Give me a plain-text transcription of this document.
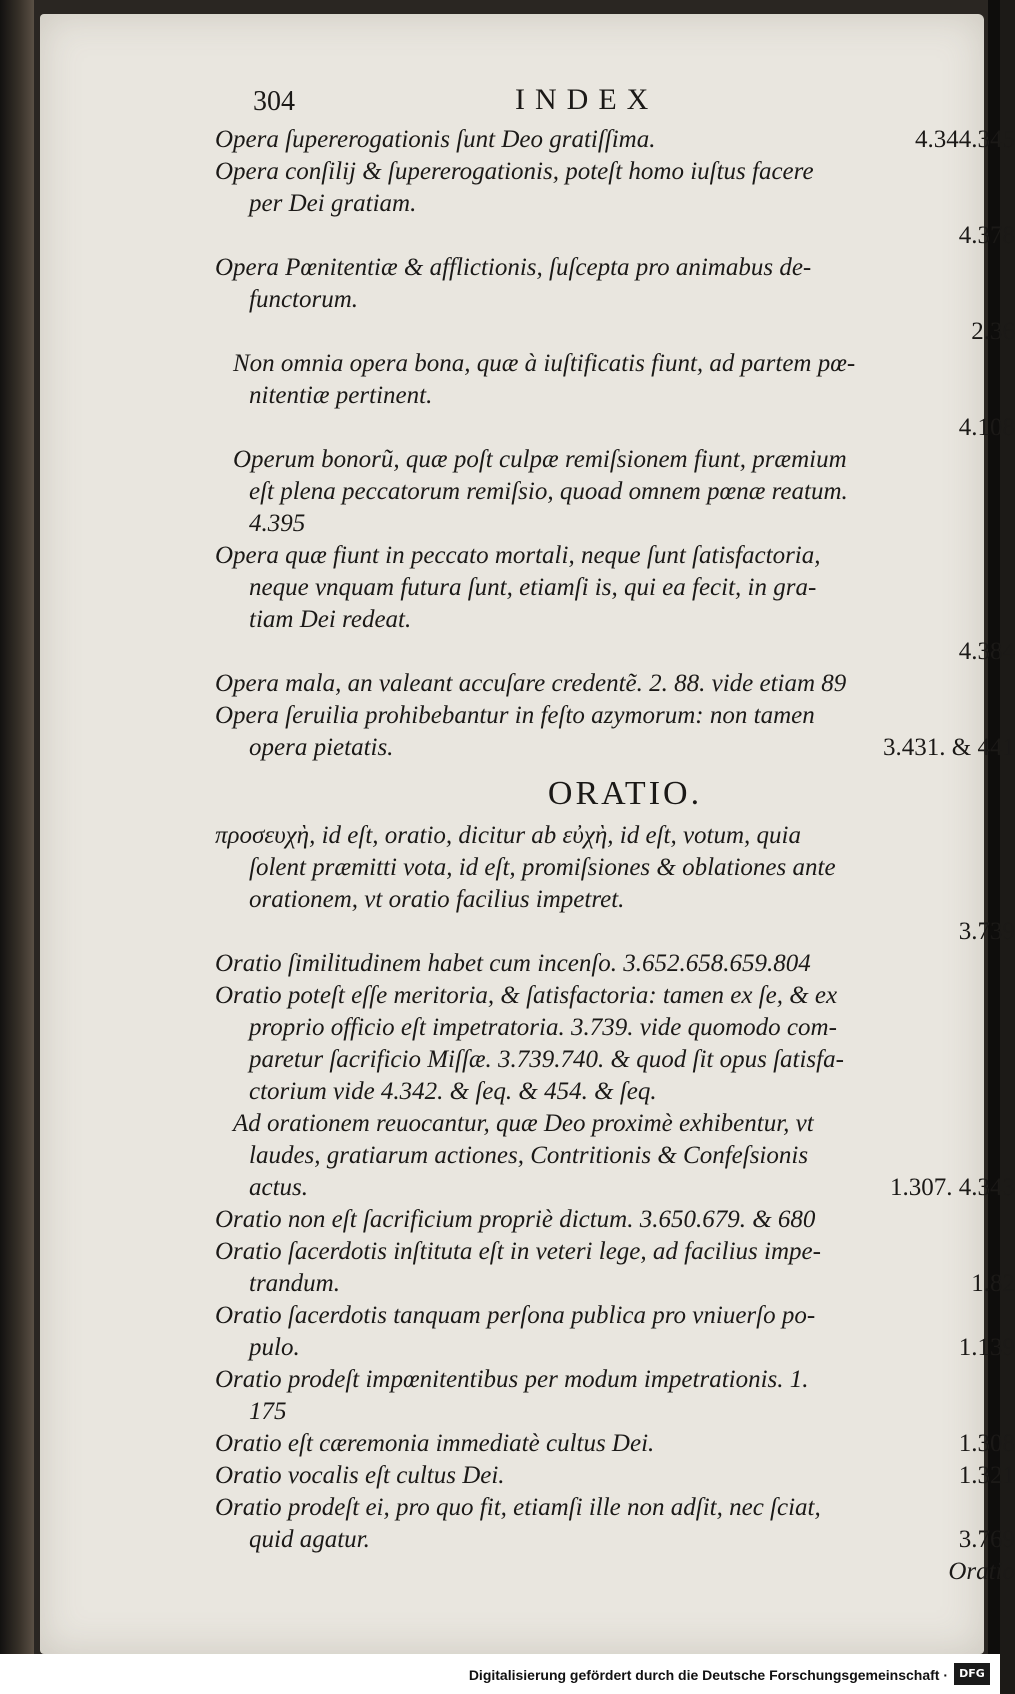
304	INDEX
Opera ſupererogationis ſunt Deo gratiſſima.	4.344.345
Opera conſilij & ſupererogationis, poteſt homo iuſtus facere
per Dei gratiam.
4.378
Opera Pœnitentiæ & afflictionis, ſuſcepta pro animabus de-
functorum.
2.36
Non omnia opera bona, quæ à iuſtificatis fiunt, ad partem pœ-
nitentiæ pertinent.
4.108
Operum bonorũ, quæ poſt culpæ remiſsionem fiunt, præmium
eſt plena peccatorum remiſsio, quoad omnem pœnæ reatum.
4.395
Opera quæ fiunt in peccato mortali, neque ſunt ſatisfactoria,
neque vnquam futura ſunt, etiamſi is, qui ea fecit, in gra-
tiam Dei redeat.
4.384
Opera mala, an valeant accuſare credentẽ. 2. 88. vide etiam 89
Opera ſeruilia prohibebantur in feſto azymorum: non tamen
opera pietatis.	3.431. & 441
ORATIO.
προσευχὴ, id eſt, oratio, dicitur ab εὐχὴ, id eſt, votum, quia
ſolent præmitti vota, id eſt, promiſsiones & oblationes ante
orationem, vt oratio facilius impetret.
3.739
Oratio ſimilitudinem habet cum incenſo. 3.652.658.659.804
Oratio poteſt eſſe meritoria, & ſatisfactoria: tamen ex ſe, & ex
proprio officio eſt impetratoria. 3.739. vide quomodo com-
paretur ſacrificio Miſſæ. 3.739.740. & quod ſit opus ſatisfa-
ctorium vide 4.342. & ſeq. & 454. & ſeq.
Ad orationem reuocantur, quæ Deo proximè exhibentur, vt
laudes, gratiarum actiones, Contritionis & Confeſsionis
actus.	1.307. 4.343
Oratio non eſt ſacrificium propriè dictum. 3.650.679. & 680
Oratio ſacerdotis inſtituta eſt in veteri lege, ad facilius impe-
trandum.	1.82
Oratio ſacerdotis tanquam perſona publica pro vniuerſo po-
pulo.	1.139
Oratio prodeſt impœnitentibus per modum impetrationis. 1.
175
Oratio eſt cæremonia immediatè cultus Dei.	1.308
Oratio vocalis eſt cultus Dei.	1.321
Oratio prodeſt ei, pro quo fit, etiamſi ille non adſit, nec ſciat,
quid agatur.	3.769
Oratio
Digitalisierung gefördert durch die Deutsche Forschungsgemeinschaft ·	DFG
